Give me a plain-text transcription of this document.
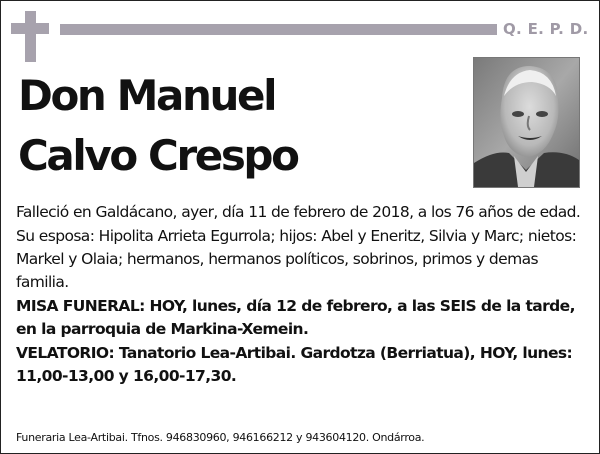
Q. E. P. D.
Don Manuel
Calvo Crespo

Falleció en Galdácano, ayer, día 11 de febrero de 2018, a los 76 años de edad.

Su esposa: Hipolita Arrieta Egurrola; hijos: Abel y Eneritz, Silvia y Marc; nietos: Markel y Olaia; hermanos, hermanos políticos, sobrinos, primos y demas familia.

MISA FUNERAL: HOY, lunes, día 12 de febrero, a las SEIS de la tarde, en la parroquia de Markina-Xemein.

VELATORIO: Tanatorio Lea-Artibai. Gardotza (Berriatua), HOY, lunes: 11,00-13,00 y 16,00-17,30.

Funeraria Lea-Artibai. Tfnos. 946830960, 946166212 y 943604120. Ondárroa.
